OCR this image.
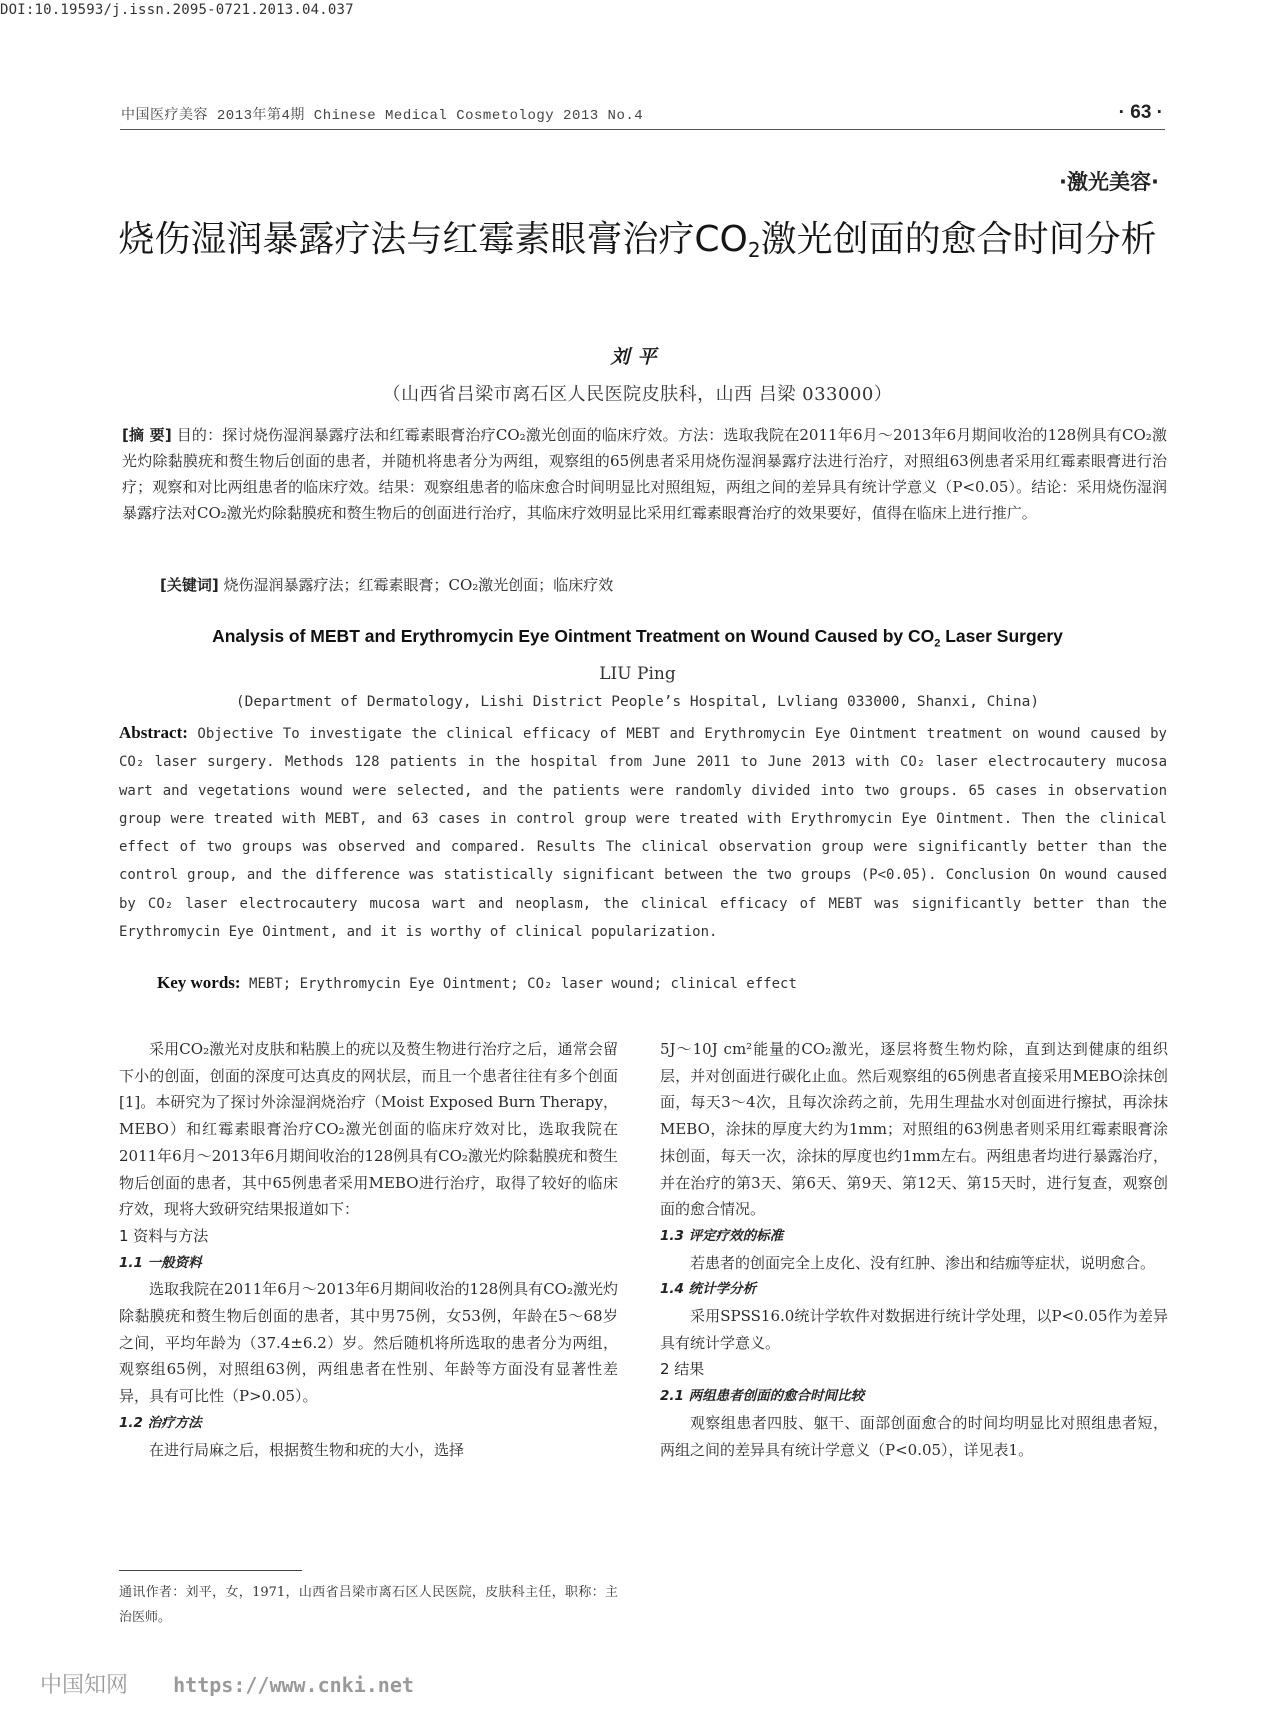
DOI:10.19593/j.issn.2095-0721.2013.04.037
中国医疗美容 2013年第4期 Chinese Medical Cosmetology 2013 No.4	· 63 ·
·激光美容·
烧伤湿润暴露疗法与红霉素眼膏治疗$CO_2$激光创面的愈合时间分析
刘平
（山西省吕梁市离石区人民医院皮肤科，山西 吕梁 033000）
[摘 要] 目的：探讨烧伤湿润暴露疗法和红霉素眼膏治疗CO₂激光创面的临床疗效。方法：选取我院在2011年6月～2013年6月期间收治的128例具有CO₂激光灼除黏膜疣和赘生物后创面的患者，并随机将患者分为两组，观察组的65例患者采用烧伤湿润暴露疗法进行治疗，对照组63例患者采用红霉素眼膏进行治疗；观察和对比两组患者的临床疗效。结果：观察组患者的临床愈合时间明显比对照组短，两组之间的差异具有统计学意义（P<0.05）。结论：采用烧伤湿润暴露疗法对CO₂激光灼除黏膜疣和赘生物后的创面进行治疗，其临床疗效明显比采用红霉素眼膏治疗的效果要好，值得在临床上进行推广。
[关键词] 烧伤湿润暴露疗法；红霉素眼膏；CO₂激光创面；临床疗效
Analysis of MEBT and Erythromycin Eye Ointment Treatment on Wound Caused by $CO_2$ Laser Surgery
LIU Ping
(Department of Dermatology, Lishi District People’s Hospital, Lvliang 033000, Shanxi, China)
Abstract: Objective To investigate the clinical efficacy of MEBT and Erythromycin Eye Ointment treatment on wound caused by CO₂ laser surgery. Methods 128 patients in the hospital from June 2011 to June 2013 with CO₂ laser electrocautery mucosa wart and vegetations wound were selected, and the patients were randomly divided into two groups. 65 cases in observation group were treated with MEBT, and 63 cases in control group were treated with Erythromycin Eye Ointment. Then the clinical effect of two groups was observed and compared. Results The clinical observation group were significantly better than the control group, and the difference was statistically significant between the two groups (P<0.05). Conclusion On wound caused by CO₂ laser electrocautery mucosa wart and neoplasm, the clinical efficacy of MEBT was significantly better than the Erythromycin Eye Ointment, and it is worthy of clinical popularization.
Key words: MEBT; Erythromycin Eye Ointment; CO₂ laser wound; clinical effect

采用CO₂激光对皮肤和粘膜上的疣以及赘生物进行治疗之后，通常会留下小的创面，创面的深度可达真皮的网状层，而且一个患者往往有多个创面[1]。本研究为了探讨外涂湿润烧治疗（Moist Exposed Burn Therapy，MEBO）和红霉素眼膏治疗CO₂激光创面的临床疗效对比，选取我院在2011年6月～2013年6月期间收治的128例具有CO₂激光灼除黏膜疣和赘生物后创面的患者，其中65例患者采用MEBO进行治疗，取得了较好的临床疗效，现将大致研究结果报道如下：

1 资料与方法

1.1 一般资料

选取我院在2011年6月～2013年6月期间收治的128例具有CO₂激光灼除黏膜疣和赘生物后创面的患者，其中男75例，女53例，年龄在5～68岁之间，平均年龄为（37.4±6.2）岁。然后随机将所选取的患者分为两组，观察组65例，对照组63例，两组患者在性别、年龄等方面没有显著性差异，具有可比性（P>0.05）。

1.2 治疗方法

在进行局麻之后，根据赘生物和疣的大小，选择

5J～10J cm²能量的CO₂激光，逐层将赘生物灼除，直到达到健康的组织层，并对创面进行碳化止血。然后观察组的65例患者直接采用MEBO涂抹创面，每天3～4次，且每次涂药之前，先用生理盐水对创面进行擦拭，再涂抹MEBO，涂抹的厚度大约为1mm；对照组的63例患者则采用红霉素眼膏涂抹创面，每天一次，涂抹的厚度也约1mm左右。两组患者均进行暴露治疗，并在治疗的第3天、第6天、第9天、第12天、第15天时，进行复查，观察创面的愈合情况。

1.3 评定疗效的标准

若患者的创面完全上皮化、没有红肿、渗出和结痂等症状，说明愈合。

1.4 统计学分析

采用SPSS16.0统计学软件对数据进行统计学处理，以P<0.05作为差异具有统计学意义。

2 结果

2.1 两组患者创面的愈合时间比较

观察组患者四肢、躯干、面部创面愈合的时间均明显比对照组患者短，两组之间的差异具有统计学意义（P<0.05），详见表1。

通讯作者：刘平，女，1971，山西省吕梁市离石区人民医院，皮肤科主任，职称：主治医师。
中国知网 https://www.cnki.net
